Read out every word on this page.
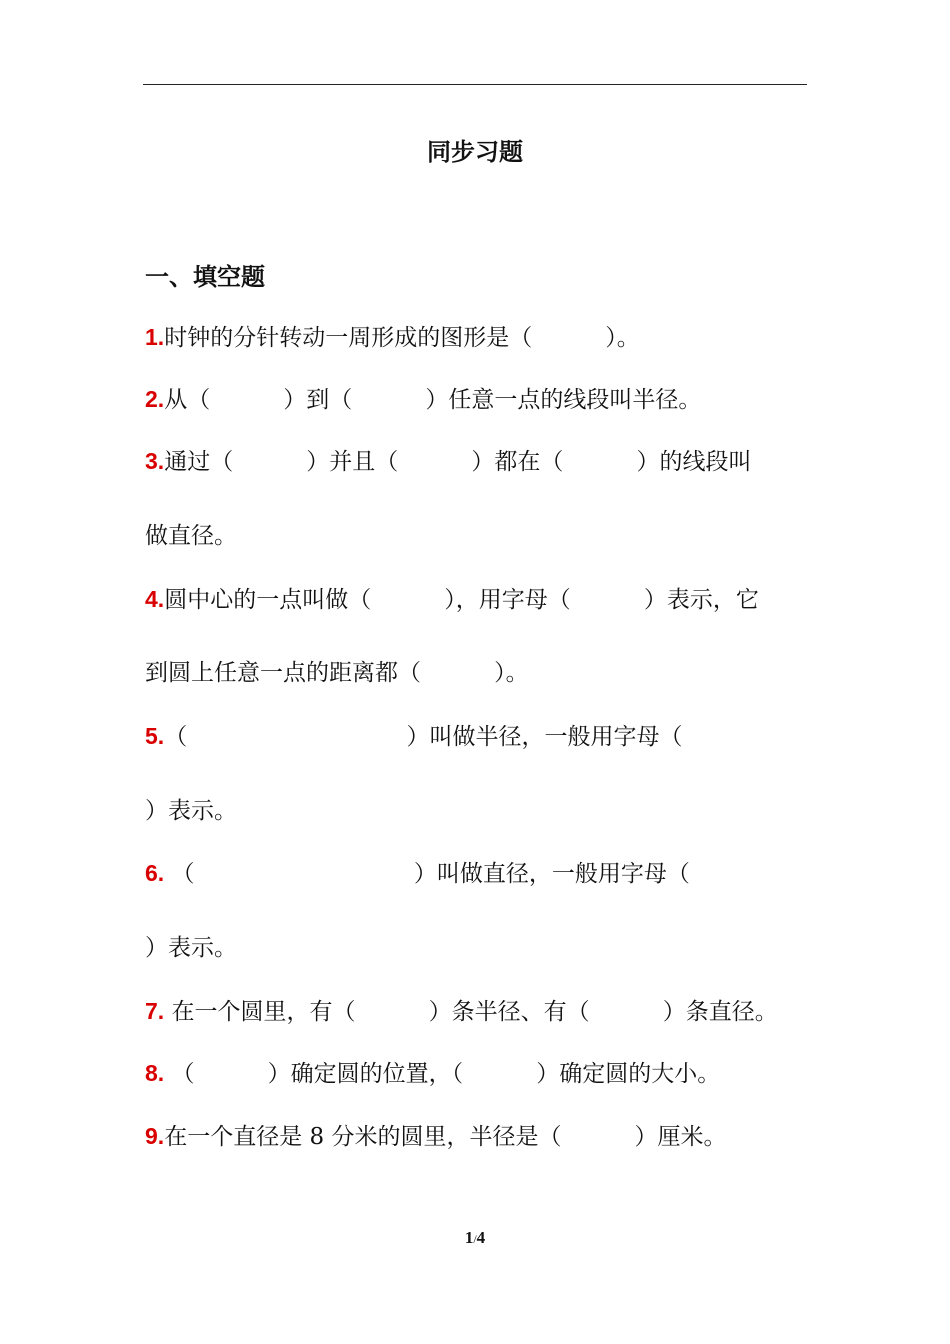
同步习题
一、填空题
1.时钟的分针转动一周形成的图形是（          ）。
2.从（          ）到（          ）任意一点的线段叫半径。
3.通过（          ）并且（          ）都在（          ）的线段叫
做直径。
4.圆中心的一点叫做（          ），用字母（          ）表示，它
到圆上任意一点的距离都（          ）。
5.（                              ）叫做半径，一般用字母（
）表示。
6. （                              ）叫做直径，一般用字母（
）表示。
7. 在一个圆里，有（          ）条半径、有（          ）条直径。
8. （          ）确定圆的位置，（          ）确定圆的大小。
9.在一个直径是 8 分米的圆里，半径是（          ）厘米。
1/4
